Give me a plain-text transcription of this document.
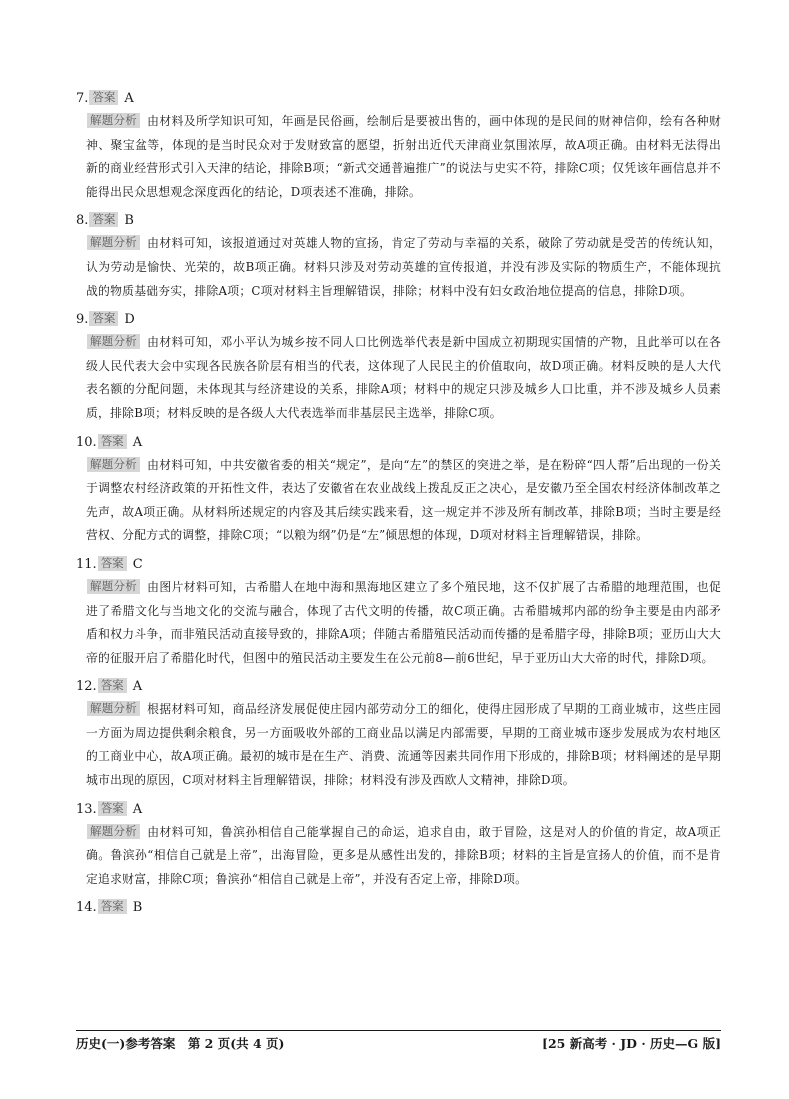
7. 答案 A
解题分析 由材料及所学知识可知，年画是民俗画，绘制后是要被出售的，画中体现的是民间的财神信仰，绘有各种财神、聚宝盆等，体现的是当时民众对于发财致富的愿望，折射出近代天津商业氛围浓厚，故A项正确。由材料无法得出新的商业经营形式引入天津的结论，排除B项；“新式交通普遍推广”的说法与史实不符，排除C项；仅凭该年画信息并不能得出民众思想观念深度西化的结论，D项表述不准确，排除。
8. 答案 B
解题分析 由材料可知，该报道通过对英雄人物的宣扬，肯定了劳动与幸福的关系，破除了劳动就是受苦的传统认知，认为劳动是愉快、光荣的，故B项正确。材料只涉及对劳动英雄的宣传报道，并没有涉及实际的物质生产，不能体现抗战的物质基础夯实，排除A项；C项对材料主旨理解错误，排除；材料中没有妇女政治地位提高的信息，排除D项。
9. 答案 D
解题分析 由材料可知，邓小平认为城乡按不同人口比例选举代表是新中国成立初期现实国情的产物，且此举可以在各级人民代表大会中实现各民族各阶层有相当的代表，这体现了人民民主的价值取向，故D项正确。材料反映的是人大代表名额的分配问题，未体现其与经济建设的关系，排除A项；材料中的规定只涉及城乡人口比重，并不涉及城乡人员素质，排除B项；材料反映的是各级人大代表选举而非基层民主选举，排除C项。
10. 答案 A
解题分析 由材料可知，中共安徽省委的相关“规定”，是向“左”的禁区的突进之举，是在粉碎“四人帮”后出现的一份关于调整农村经济政策的开拓性文件，表达了安徽省在农业战线上拨乱反正之决心，是安徽乃至全国农村经济体制改革之先声，故A项正确。从材料所述规定的内容及其后续实践来看，这一规定并不涉及所有制改革，排除B项；当时主要是经营权、分配方式的调整，排除C项；“以粮为纲”仍是“左”倾思想的体现，D项对材料主旨理解错误，排除。
11. 答案 C
解题分析 由图片材料可知，古希腊人在地中海和黑海地区建立了多个殖民地，这不仅扩展了古希腊的地理范围，也促进了希腊文化与当地文化的交流与融合，体现了古代文明的传播，故C项正确。古希腊城邦内部的纷争主要是由内部矛盾和权力斗争，而非殖民活动直接导致的，排除A项；伴随古希腊殖民活动而传播的是希腊字母，排除B项；亚历山大大帝的征服开启了希腊化时代，但图中的殖民活动主要发生在公元前8—前6世纪，早于亚历山大大帝的时代，排除D项。
12. 答案 A
解题分析 根据材料可知，商品经济发展促使庄园内部劳动分工的细化，使得庄园形成了早期的工商业城市，这些庄园一方面为周边提供剩余粮食，另一方面吸收外部的工商业品以满足内部需要，早期的工商业城市逐步发展成为农村地区的工商业中心，故A项正确。最初的城市是在生产、消费、流通等因素共同作用下形成的，排除B项；材料阐述的是早期城市出现的原因，C项对材料主旨理解错误，排除；材料没有涉及西欧人文精神，排除D项。
13. 答案 A
解题分析 由材料可知，鲁滨孙相信自己能掌握自己的命运，追求自由，敢于冒险，这是对人的价值的肯定，故A项正确。鲁滨孙“相信自己就是上帝”，出海冒险，更多是从感性出发的，排除B项；材料的主旨是宣扬人的价值，而不是肯定追求财富，排除C项；鲁滨孙“相信自己就是上帝”，并没有否定上帝，排除D项。
14. 答案 B
历史(一)参考答案　第 2 页(共 4 页)	[25 新高考 · JD · 历史—G 版]
